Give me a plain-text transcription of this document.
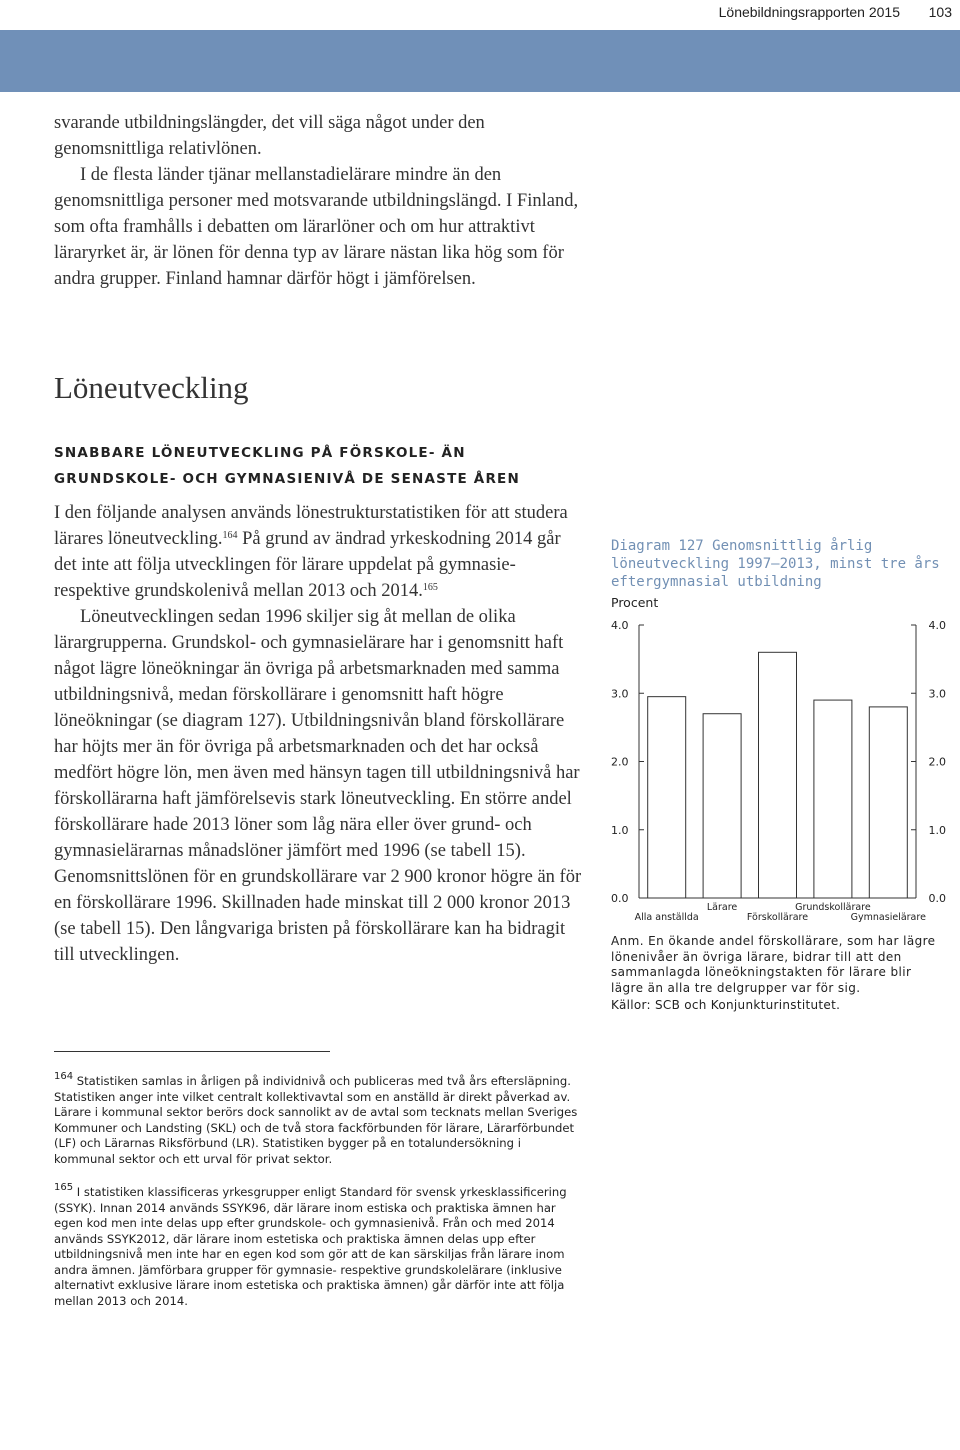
Lönebildningsrapporten 2015 103

svarande utbildningslängder, det vill säga något under den genomsnittliga relativlönen.

I de flesta länder tjänar mellanstadielärare mindre än den genomsnittliga personer med motsvarande utbildningslängd. I Finland, som ofta framhålls i debatten om lärarlöner och om hur attraktivt läraryrket är, är lönen för denna typ av lärare nästan lika hög som för andra grupper. Finland hamnar därför högt i jämförelsen.

Löneutveckling
SNABBARE LÖNEUTVECKLING PÅ FÖRSKOLE- ÄN GRUNDSKOLE- OCH GYMNASIENIVÅ DE SENASTE ÅREN

I den följande analysen används lönestrukturstatistiken för att studera lärares löneutveckling.$^{164}$ På grund av ändrad yrkeskodning 2014 går det inte att följa utvecklingen för lärare uppdelat på gymnasie- respektive grundskolenivå mellan 2013 och 2014.$^{165}$

Löneutvecklingen sedan 1996 skiljer sig åt mellan de olika lärargrupperna. Grundskol- och gymnasielärare har i genomsnitt haft något lägre löneökningar än övriga på arbetsmarknaden med samma utbildningsnivå, medan förskollärare i genomsnitt haft högre löneökningar (se diagram 127). Utbildningsnivån bland förskollärare har höjts mer än för övriga på arbetsmarknaden och det har också medfört högre lön, men även med hänsyn tagen till utbildningsnivå har förskollärarna haft jämförelsevis stark löneutveckling. En större andel förskollärare hade 2013 löner som låg nära eller över grund- och gymnasielärarnas månadslöner jämfört med 1996 (se tabell 15). Genomsnittslönen för en grundskollärare var 2 900 kronor högre än för en förskollärare 1996. Skillnaden hade minskat till 2 000 kronor 2013 (se tabell 15). Den långvariga bristen på förskollärare kan ha bidragit till utvecklingen.

Diagram 127 Genomsnittlig årlig löneutveckling 1997–2013, minst tre års eftergymnasial utbildning

Procent
0.0	0.0
1.0	1.0
2.0	2.0
3.0	3.0
4.0	4.0
Alla anställda
Lärare
Förskollärare
Grundskollärare
Gymnasielärare
Anm. En ökande andel förskollärare, som har lägre lönenivåer än övriga lärare, bidrar till att den sammanlagda löneökningstakten för lärare blir lägre än alla tre delgrupper var för sig.
Källor: SCB och Konjunkturinstitutet.

$^{164}$ Statistiken samlas in årligen på individnivå och publiceras med två års eftersläpning. Statistiken anger inte vilket centralt kollektivavtal som en anställd är direkt påverkad av. Lärare i kommunal sektor berörs dock sannolikt av de avtal som tecknats mellan Sveriges Kommuner och Landsting (SKL) och de två stora fackförbunden för lärare, Lärarförbundet (LF) och Lärarnas Riksförbund (LR). Statistiken bygger på en totalundersökning i kommunal sektor och ett urval för privat sektor.

$^{165}$ I statistiken klassificeras yrkesgrupper enligt Standard för svensk yrkesklassificering (SSYK). Innan 2014 används SSYK96, där lärare inom estiska och praktiska ämnen har egen kod men inte delas upp efter grundskole- och gymnasienivå. Från och med 2014 används SSYK2012, där lärare inom estetiska och praktiska ämnen delas upp efter utbildningsnivå men inte har en egen kod som gör att de kan särskiljas från lärare inom andra ämnen. Jämförbara grupper för gymnasie- respektive grundskolelärare (inklusive alternativt exklusive lärare inom estetiska och praktiska ämnen) går därför inte att följa mellan 2013 och 2014.
